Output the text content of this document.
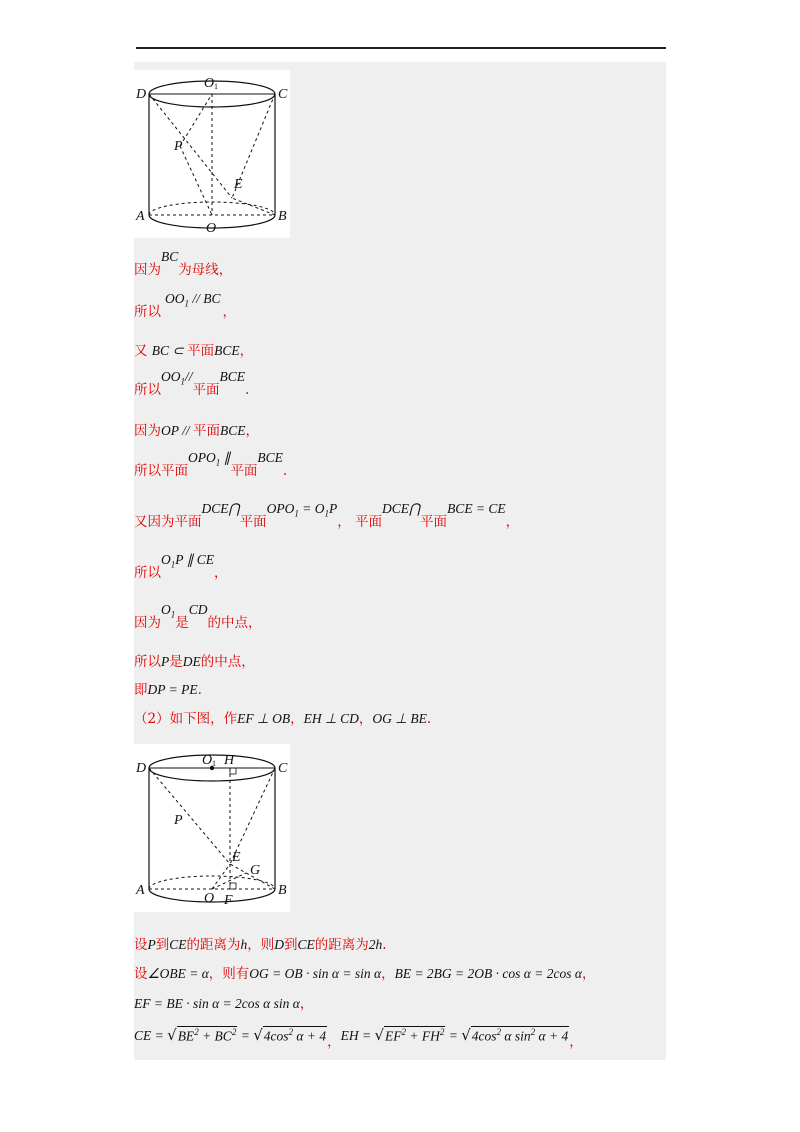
D
O 1
C
P
E
A
O
B
因为BC为母线，
所以$OO_1$ // BC，
又 BC ⊂ 平面BCE，
所以$OO_1//$平面BCE.
因为OP // 平面BCE，
所以平面$OPO_1$ ∥平面BCE.
又因为平面DCE⋂平面$OPO_1 = O_1P$， 平面DCE⋂平面BCE = CE，
所以$O_1P$ ∥ CE，
因为$O_1$是CD的中点，
所以P是DE的中点，
即DP = PE.
（2）如下图，作EF ⊥ OB，EH ⊥ CD，OG ⊥ BE.
D
O 1 H
C
P
E
G
A
O F
B
设P到CE的距离为h，则D到CE的距离为2h.
设∠OBE = α，则有OG = OB · sin α = sin α，BE = 2BG = 2OB · cos α = 2cos α，
EF = BE · sin α = 2cos α sin α，
CE = $√BE^2 + BC^2 = √4\cos^2$ α + 4，EH = $√EF^2 + FH^2 = √4\cos^2$ α $\sin^2 \alpha + 4$，
